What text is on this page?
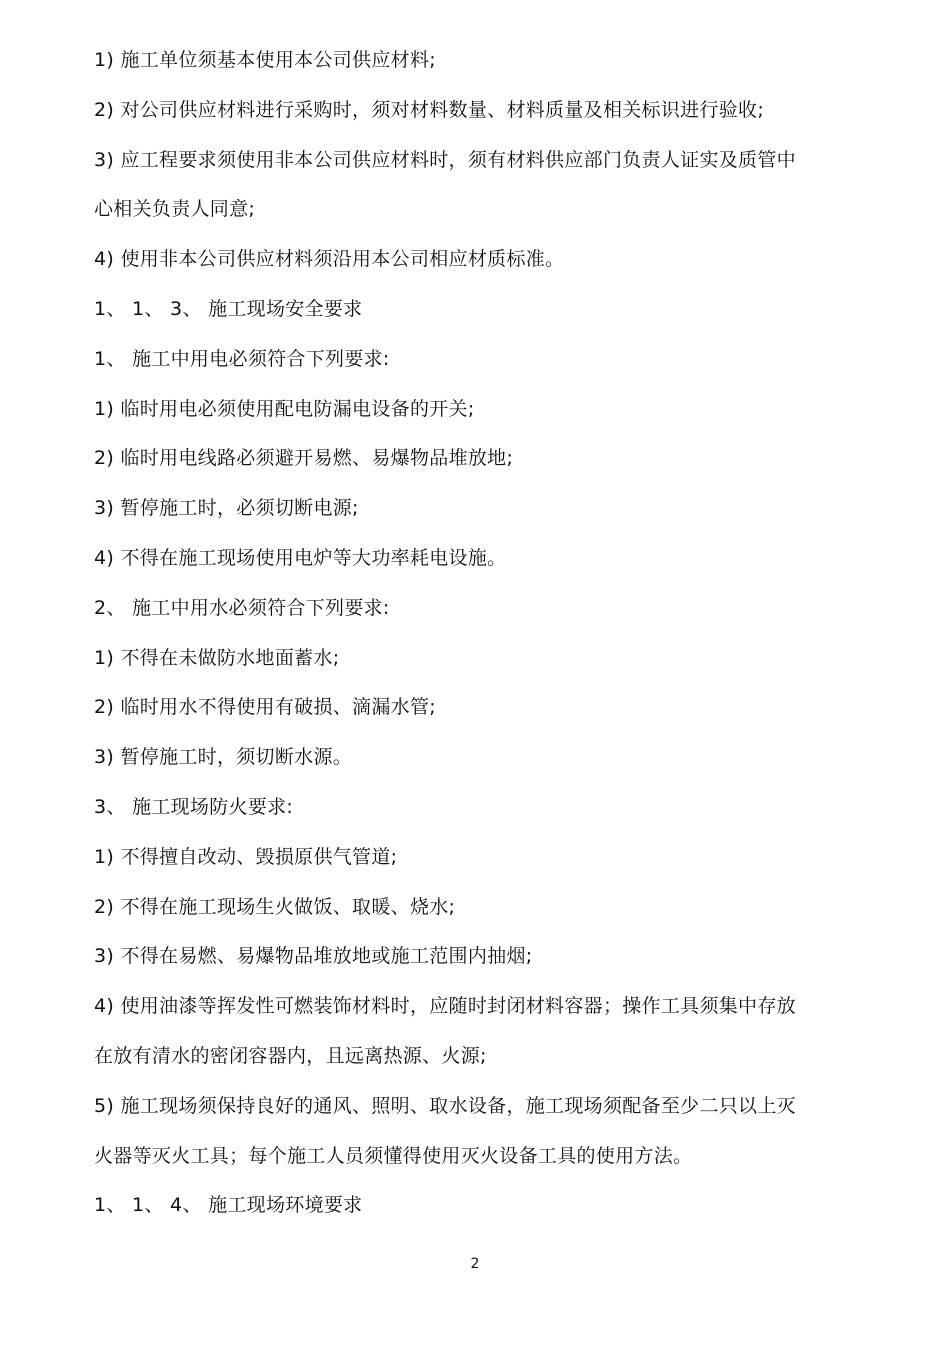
1) 施工单位须基本使用本公司供应材料;
2) 对公司供应材料进行采购时，须对材料数量、材料质量及相关标识进行验收;
3) 应工程要求须使用非本公司供应材料时，须有材料供应部门负责人证实及质管中
心相关负责人同意;
4) 使用非本公司供应材料须沿用本公司相应材质标准。
1、 1、 3、 施工现场安全要求
1、 施工中用电必须符合下列要求:
1) 临时用电必须使用配电防漏电设备的开关;
2) 临时用电线路必须避开易燃、易爆物品堆放地;
3) 暂停施工时，必须切断电源;
4) 不得在施工现场使用电炉等大功率耗电设施。
2、 施工中用水必须符合下列要求:
1) 不得在未做防水地面蓄水;
2) 临时用水不得使用有破损、滴漏水管;
3) 暂停施工时，须切断水源。
3、 施工现场防火要求:
1) 不得擅自改动、毁损原供气管道;
2) 不得在施工现场生火做饭、取暖、烧水;
3) 不得在易燃、易爆物品堆放地或施工范围内抽烟;
4) 使用油漆等挥发性可燃装饰材料时，应随时封闭材料容器；操作工具须集中存放
在放有清水的密闭容器内，且远离热源、火源;
5) 施工现场须保持良好的通风、照明、取水设备，施工现场须配备至少二只以上灭
火器等灭火工具；每个施工人员须懂得使用灭火设备工具的使用方法。
1、 1、 4、 施工现场环境要求
2
